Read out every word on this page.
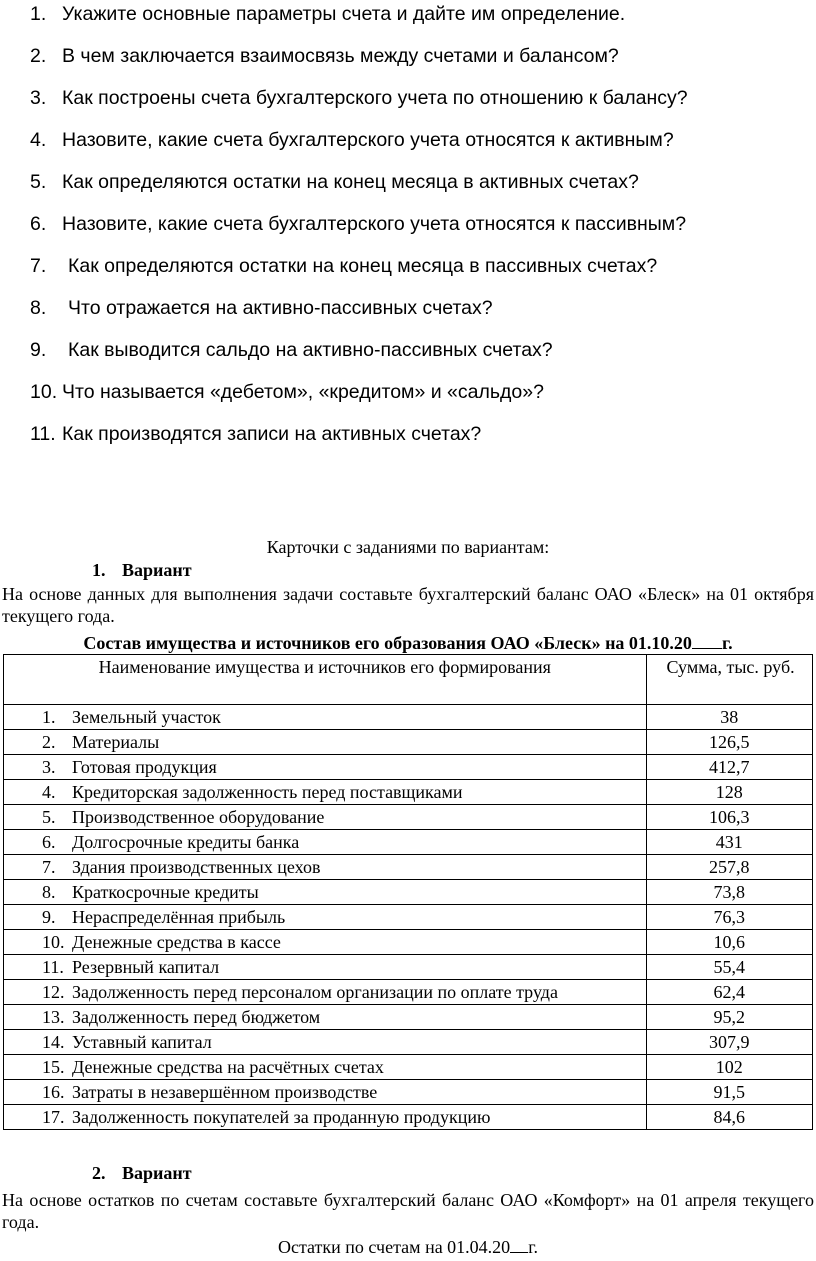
1. Укажите основные параметры счета и дайте им определение.
2. В чем заключается взаимосвязь между счетами и балансом?
3. Как построены счета бухгалтерского учета по отношению к балансу?
4. Назовите, какие счета бухгалтерского учета относятся к активным?
5. Как определяются остатки на конец месяца в активных счетах?
6. Назовите, какие счета бухгалтерского учета относятся к пассивным?
7. Как определяются остатки на конец месяца в пассивных счетах?
8. Что отражается на активно-пассивных счетах?
9. Как выводится сальдо на активно-пассивных счетах?
10. Что называется «дебетом», «кредитом» и «сальдо»?
11. Как производятся записи на активных счетах?
Карточки с заданиями по вариантам:
1. Вариант
На основе данных для выполнения задачи составьте бухгалтерский баланс ОАО «Блеск» на 01 октября текущего года.
Состав имущества и источников его образования ОАО «Блеск» на 01.10.20 г.
Наименование имущества и источников его формирования	Сумма, тыс. руб.
1. Земельный участок	38
2. Материалы	126,5
3. Готовая продукция	412,7
4. Кредиторская задолженность перед поставщиками	128
5. Производственное оборудование	106,3
6. Долгосрочные кредиты банка	431
7. Здания производственных цехов	257,8
8. Краткосрочные кредиты	73,8
9. Нераспределённая прибыль	76,3
10. Денежные средства в кассе	10,6
11. Резервный капитал	55,4
12. Задолженность перед персоналом организации по оплате труда	62,4
13. Задолженность перед бюджетом	95,2
14. Уставный капитал	307,9
15. Денежные средства на расчётных счетах	102
16. Затраты в незавершённом производстве	91,5
17. Задолженность покупателей за проданную продукцию	84,6
2. Вариант
На основе остатков по счетам составьте бухгалтерский баланс ОАО «Комфорт» на 01 апреля текущего года.
Остатки по счетам на 01.04.20 г.
